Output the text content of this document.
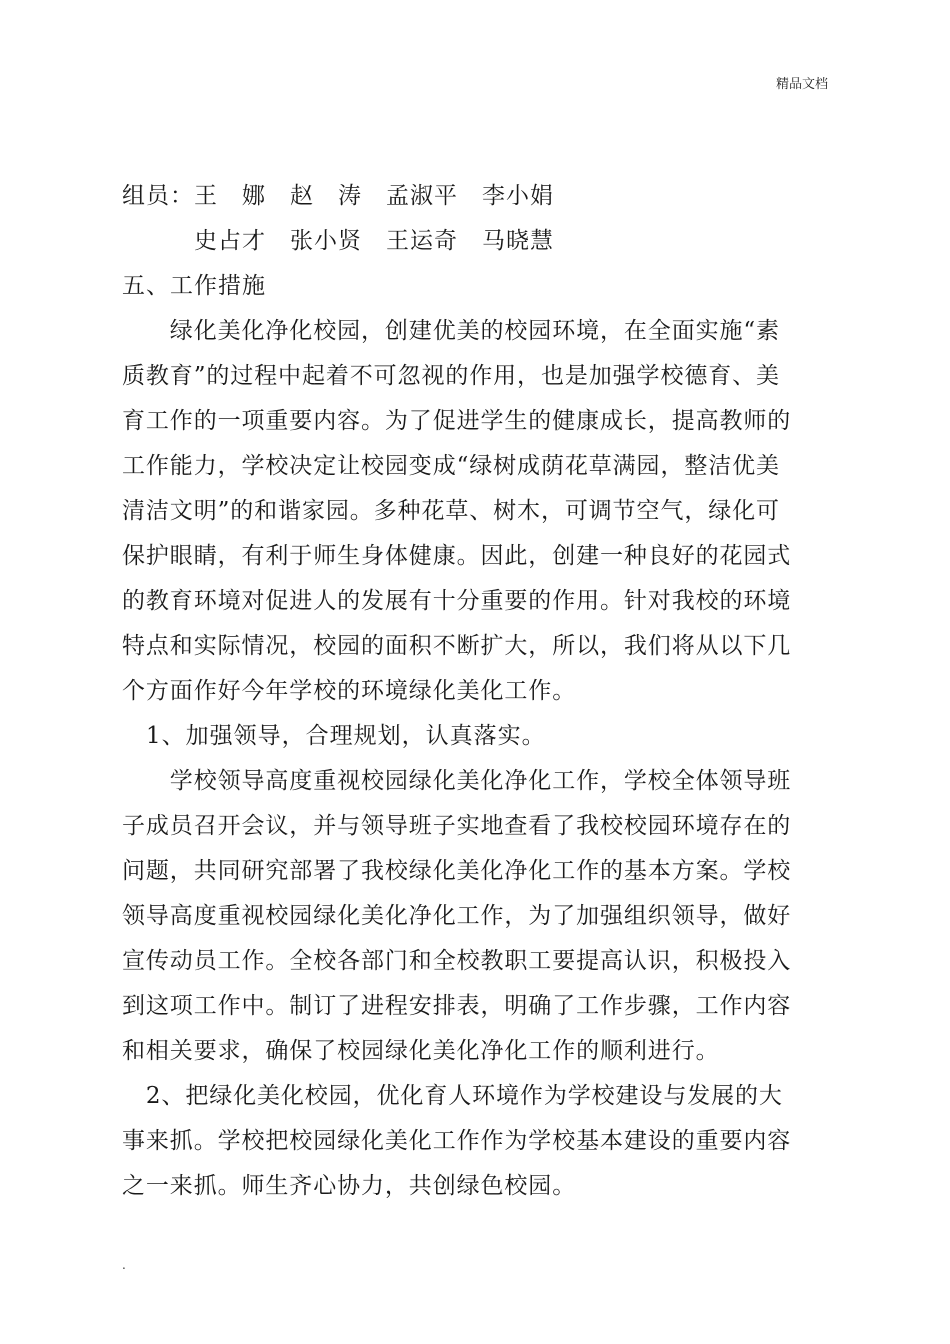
精品文档
组员：王　娜　赵　涛　孟淑平　李小娟
　　　史占才　张小贤　王运奇　马晓慧
五、工作措施
　　绿化美化净化校园，创建优美的校园环境，在全面实施“素
质教育”的过程中起着不可忽视的作用，也是加强学校德育、美
育工作的一项重要内容。为了促进学生的健康成长，提高教师的
工作能力，学校决定让校园变成“绿树成荫花草满园，整洁优美
清洁文明”的和谐家园。多种花草、树木，可调节空气，绿化可
保护眼睛，有利于师生身体健康。因此，创建一种良好的花园式
的教育环境对促进人的发展有十分重要的作用。针对我校的环境
特点和实际情况，校园的面积不断扩大，所以，我们将从以下几
个方面作好今年学校的环境绿化美化工作。
　1、加强领导，合理规划，认真落实。
　　学校领导高度重视校园绿化美化净化工作，学校全体领导班
子成员召开会议，并与领导班子实地查看了我校校园环境存在的
问题，共同研究部署了我校绿化美化净化工作的基本方案。学校
领导高度重视校园绿化美化净化工作，为了加强组织领导，做好
宣传动员工作。全校各部门和全校教职工要提高认识，积极投入
到这项工作中。制订了进程安排表，明确了工作步骤，工作内容
和相关要求，确保了校园绿化美化净化工作的顺利进行。
　2、把绿化美化校园，优化育人环境作为学校建设与发展的大
事来抓。学校把校园绿化美化工作作为学校基本建设的重要内容
之一来抓。师生齐心协力，共创绿色校园。
.
